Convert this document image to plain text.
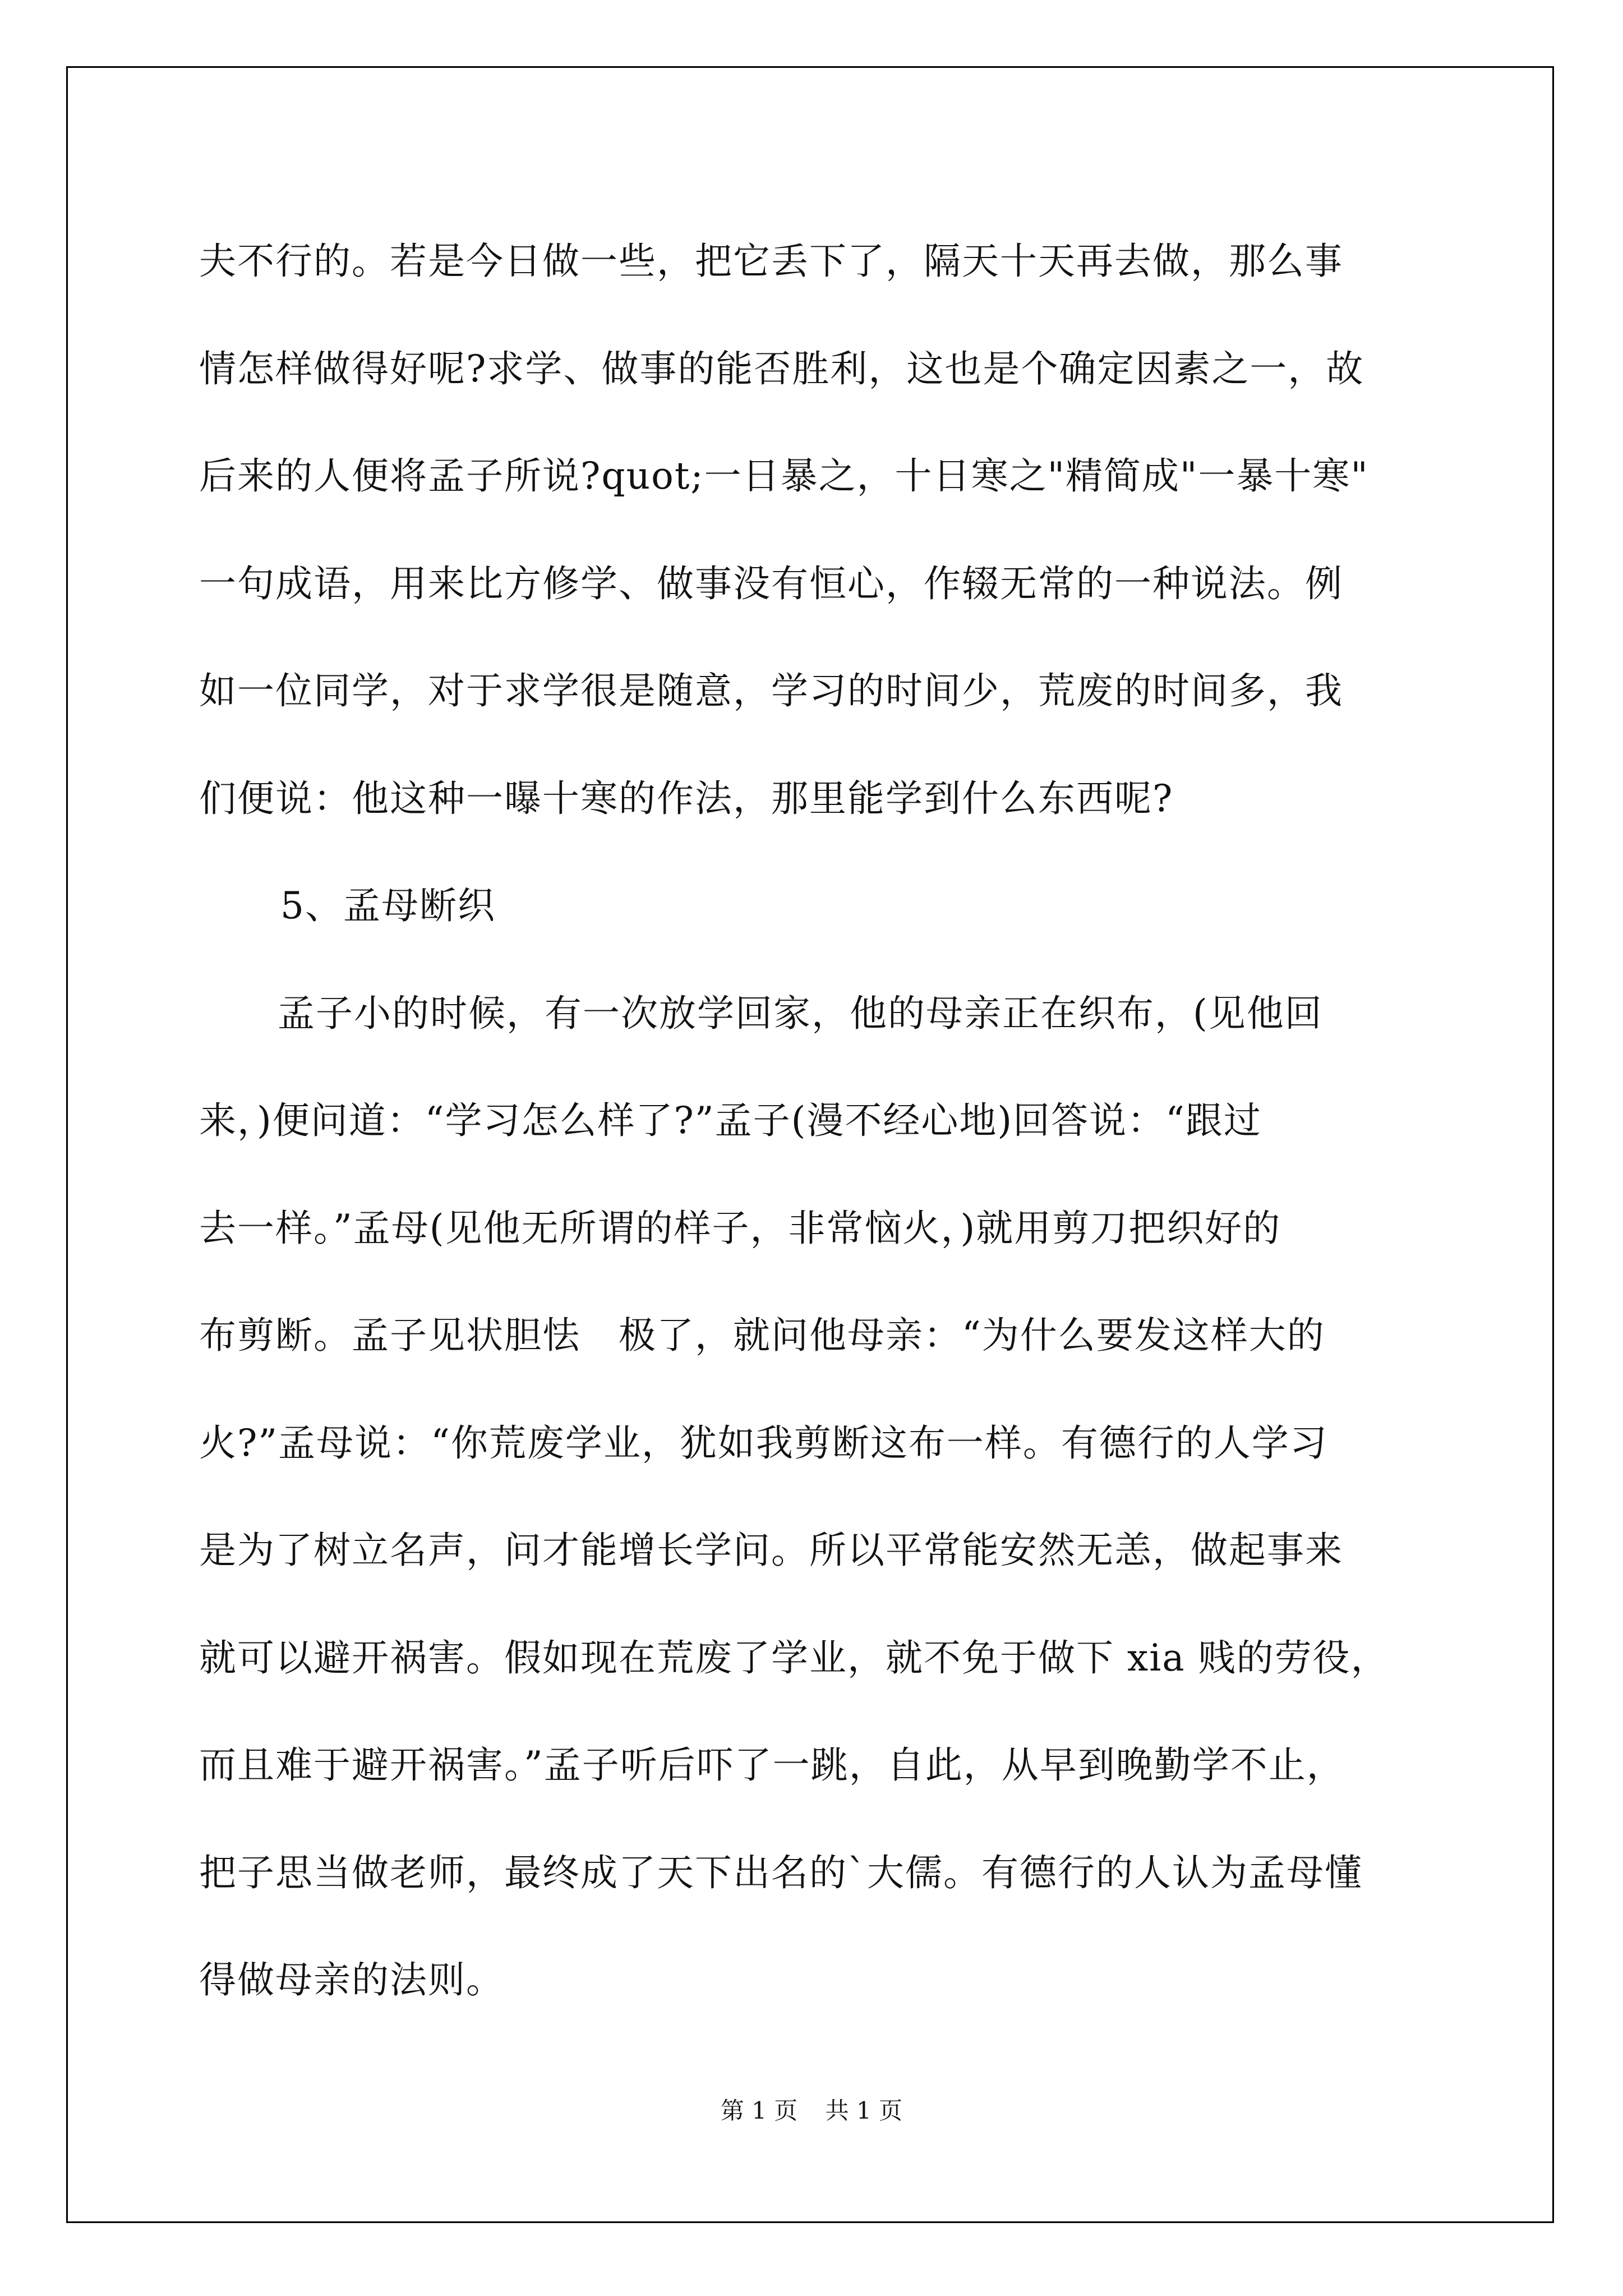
夫不行的。若是今日做一些，把它丢下了，隔天十天再去做，那么事
情怎样做得好呢?求学、做事的能否胜利，这也是个确定因素之一，故
后来的人便将孟子所说?quot;一日暴之，十日寒之"精简成"一暴十寒"
一句成语，用来比方修学、做事没有恒心，作辍无常的一种说法。例
如一位同学，对于求学很是随意，学习的时间少，荒废的时间多，我
们便说：他这种一曝十寒的作法，那里能学到什么东西呢?
5、孟母断织
孟子小的时候，有一次放学回家，他的母亲正在织布，(见他回
来，)便问道：“学习怎么样了?”孟子(漫不经心地)回答说：“跟过
去一样。”孟母(见他无所谓的样子，非常恼火，)就用剪刀把织好的
布剪断。孟子见状胆怯　极了，就问他母亲：“为什么要发这样大的
火?”孟母说：“你荒废学业，犹如我剪断这布一样。有德行的人学习
是为了树立名声，问才能增长学问。所以平常能安然无恙，做起事来
就可以避开祸害。假如现在荒废了学业，就不免于做下 xia 贱的劳役，
而且难于避开祸害。”孟子听后吓了一跳，自此，从早到晚勤学不止，
把子思当做老师，最终成了天下出名的`大儒。有德行的人认为孟母懂
得做母亲的法则。
第 1 页 共 1 页
